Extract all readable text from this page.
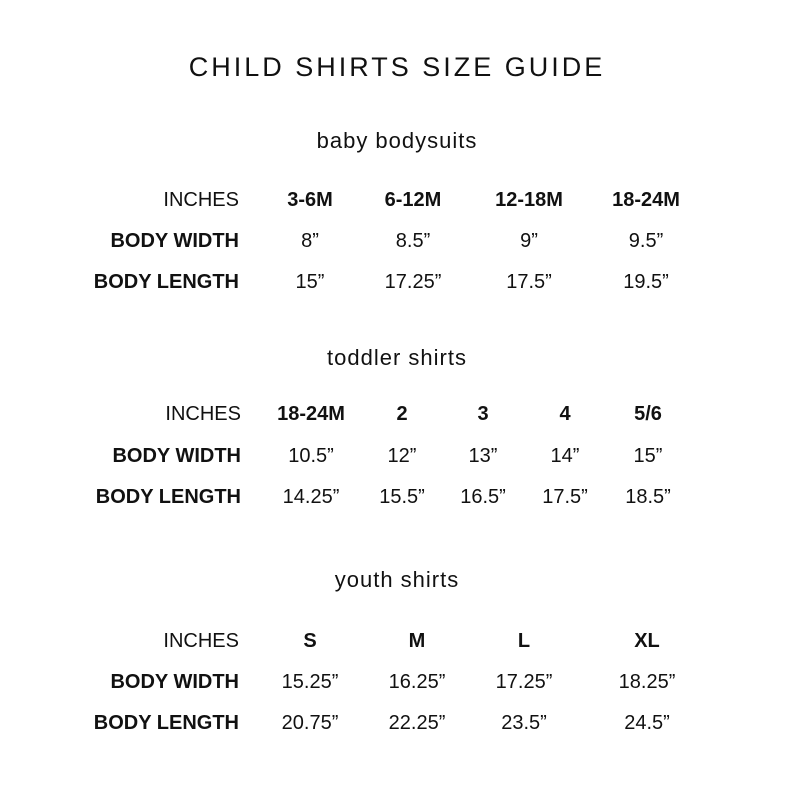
CHILD SHIRTS SIZE GUIDE
baby bodysuits
INCHES 3-6M	6-12M	12-18M 18-24M
BODY WIDTH	8”	8.5”	9”	9.5”
BODY LENGTH	15”	17.25”	17.5”	19.5”
toddler shirts
INCHES 18-24M	2	3	4	5/6
BODY WIDTH 10.5”	12”	13”	14”	15”
BODY LENGTH 14.25” 15.5” 16.5” 17.5” 18.5”
youth shirts
INCHES	S	M	L	XL
BODY WIDTH 15.25”	16.25”	17.25”	18.25”
BODY LENGTH 20.75”	22.25”	23.5”	24.5”
